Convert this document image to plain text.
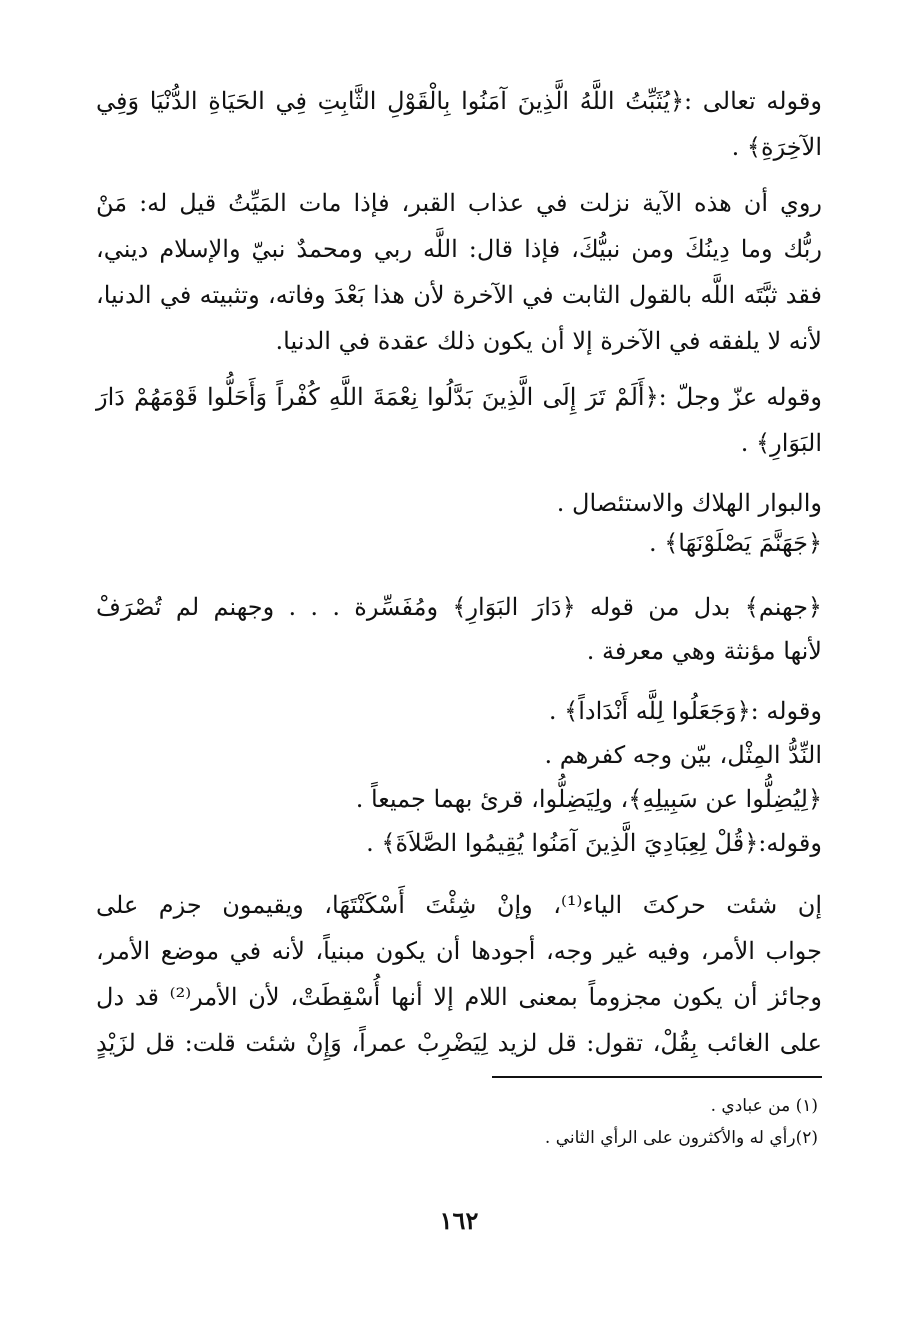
وقوله تعالى :﴿يُثَبِّتُ اللَّهُ الَّذِينَ آمَنُوا بِالْقَوْلِ الثَّابِتِ فِي الحَيَاةِ الدُّنْيَا وَفِي
الآخِرَةِ﴾ .
روي أن هذه الآية نزلت في عذاب القبر، فإذا مات المَيِّتُ قيل له: مَنْ
ربُّك وما دِينُكَ ومن نبيُّكَ، فإذا قال: اللَّه ربي ومحمدٌ نبيّ والإسلام ديني،
فقد ثبَّتَه اللَّه بالقول الثابت في الآخرة لأن هذا بَعْدَ وفاته، وتثبيته في الدنيا،
لأنه لا يلفقه في الآخرة إلا أن يكون ذلك عقدة في الدنيا.
وقوله عزّ وجلّ :﴿أَلَمْ تَرَ إِلَى الَّذِينَ بَدَّلُوا نِعْمَةَ اللَّهِ كُفْراً وَأَحَلُّوا قَوْمَهُمْ دَارَ
البَوَارِ﴾ .
والبوار الهلاك والاستئصال .
﴿جَهَنَّمَ يَصْلَوْنَهَا﴾ .
﴿جهنم﴾ بدل من قوله ﴿دَارَ البَوَارِ﴾ ومُفَسِّرة . . . وجهنم لم تُصْرَفْ
لأنها مؤنثة وهي معرفة .
وقوله :﴿وَجَعَلُوا لِلَّه أَنْدَاداً﴾ .
النِّدُّ المِثْل، بيّن وجه كفرهم .
﴿لِيُضِلُّوا عن سَبِيلِهِ﴾، ولِيَضِلُّوا، قرئ بهما جميعاً .
وقوله:﴿قُلْ لِعِبَادِيَ الَّذِينَ آمَنُوا يُقِيمُوا الصَّلاَةَ﴾ .
إن شئت حركتَ الياء⁽¹⁾، وإنْ شِئْتَ أَسْكَنْتَهَا، ويقيمون جزم على
جواب الأمر، وفيه غير وجه، أجودها أن يكون مبنياً، لأنه في موضع الأمر،
وجائز أن يكون مجزوماً بمعنى اللام إلا أنها أُسْقِطَتْ، لأن الأمر⁽²⁾ قد دل
على الغائب بِقُلْ، تقول: قل لزيد لِيَضْرِبْ عمراً، وَإِنْ شئت قلت: قل لزَيْدٍ
(١) من عبادي .
(٢)رأي له والأكثرون على الرأي الثاني .
١٦٢
